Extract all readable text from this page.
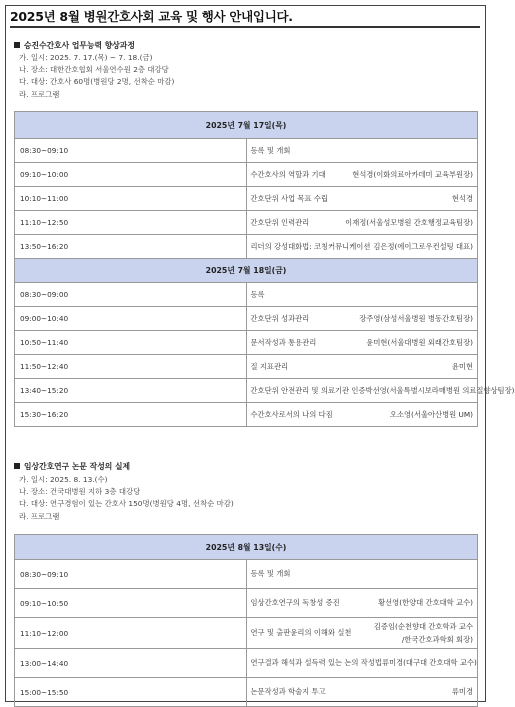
2025년 8월 병원간호사회 교육 및 행사 안내입니다.
승진수간호사 업무능력 향상과정
가. 일시: 2025. 7. 17.(목) ~ 7. 18.(금)
나. 장소: 대한간호협회 서울연수원 2층 대강당
다. 대상: 간호사 60명(병원당 2명, 선착순 마감)
라. 프로그램
2025년 7월 17일(목)	
08:30~09:10	등록 및 개회

09:10~10:00	수간호사의 역할과 기대 현석경(이화의료아카데미 교육부원장)

10:10~11:00	간호단위 사업 목표 수립 현석경

11:10~12:50	간호단위 인력관리 이재정(서울성모병원 간호행정교육팀장)

13:50~16:20	리더의 강성대화법: 코칭커뮤니케이션 김은정(에이그로우컨설팅 대표)

2025년 7월 18일(금)	
08:30~09:00	등록

09:00~10:40	간호단위 성과관리 장주영(삼성서울병원 병동간호팀장)

10:50~11:40	문서작성과 통용관리 윤미현(서울대병원 외래간호팀장)

11:50~12:40	질 지표관리 윤미현

13:40~15:20	간호단위 안전관리 및 의료기관 인증 박선영(서울특별시보라매병원 의료질향상팀장)

15:30~16:20	수간호사로서의 나의 다짐 오소영(서울아산병원 UM)
임상간호연구 논문 작성의 실제
가. 일시: 2025. 8. 13.(수)
나. 장소: 건국대병원 지하 3층 대강당
다. 대상: 연구경험이 있는 간호사 150명(병원당 4명, 선착순 마감)
라. 프로그램
2025년 8월 13일(수)	
08:30~09:10	등록 및 개회

09:10~10:50	임상간호연구의 독창성 증진 황선영(한양대 간호대학 교수)

11:10~12:00	연구 및 출판윤리의 이해와 실천
김증임(순천향대 간호학과 교수
/한국간호과학회 회장)

13:00~14:40	연구결과 해석과 설득력 있는 논의 작성법 류미경(대구대 간호대학 교수)

15:00~15:50	논문작성과 학술지 투고 류미경
